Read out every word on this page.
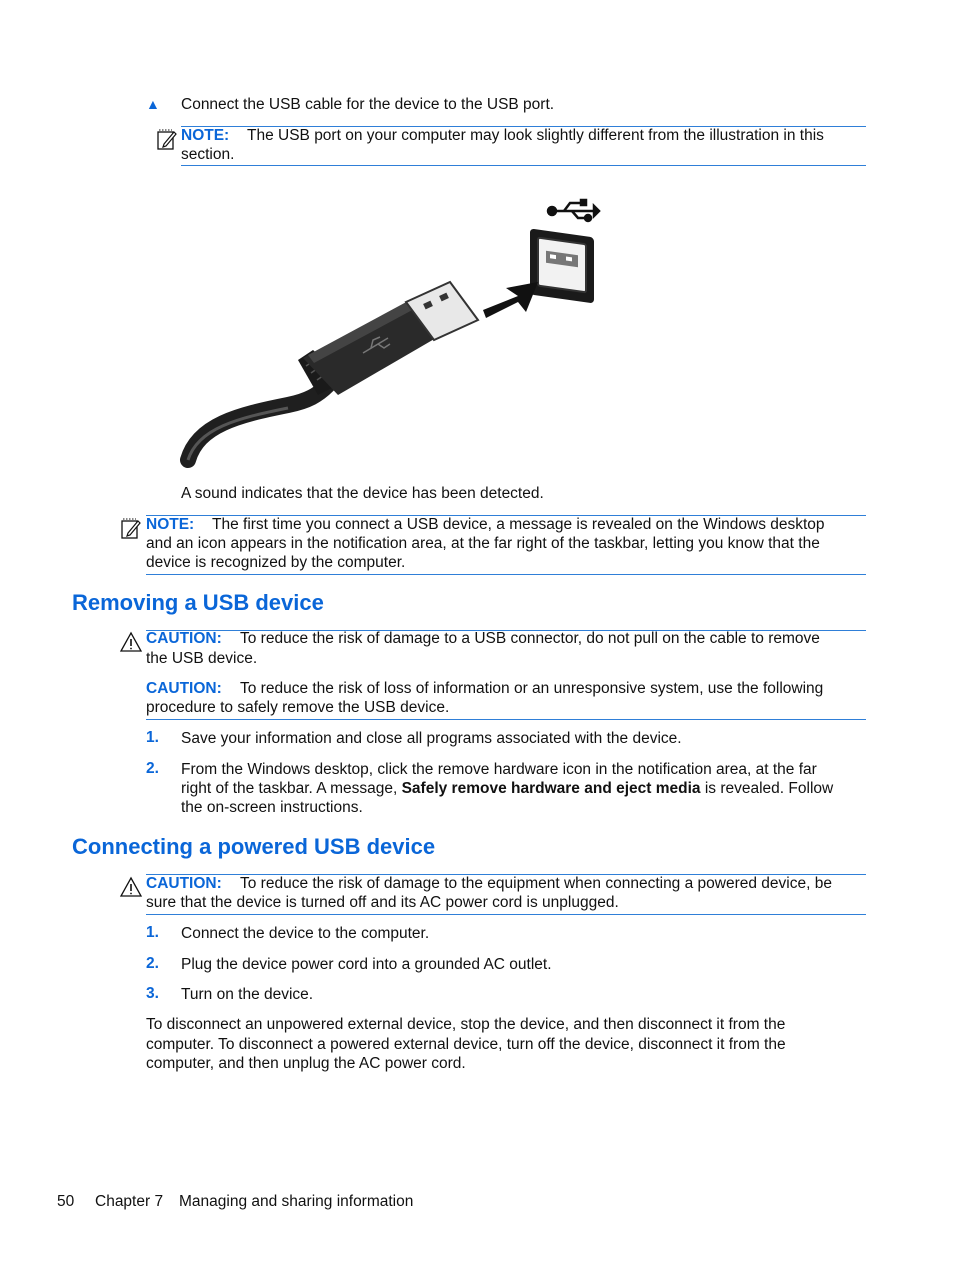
▲ Connect the USB cable for the device to the USB port.
NOTE: The USB port on your computer may look slightly different from the illustration in this
section.
A sound indicates that the device has been detected.
NOTE: The first time you connect a USB device, a message is revealed on the Windows desktop
and an icon appears in the notification area, at the far right of the taskbar, letting you know that the
device is recognized by the computer.
Removing a USB device
CAUTION: To reduce the risk of damage to a USB connector, do not pull on the cable to remove
the USB device.
CAUTION: To reduce the risk of loss of information or an unresponsive system, use the following
procedure to safely remove the USB device.
1. Save your information and close all programs associated with the device.
2. From the Windows desktop, click the remove hardware icon in the notification area, at the far
right of the taskbar. A message, Safely remove hardware and eject media is revealed. Follow
the on-screen instructions.
Connecting a powered USB device
CAUTION: To reduce the risk of damage to the equipment when connecting a powered device, be
sure that the device is turned off and its AC power cord is unplugged.
1. Connect the device to the computer.
2. Plug the device power cord into a grounded AC outlet.
3. Turn on the device.
To disconnect an unpowered external device, stop the device, and then disconnect it from the
computer. To disconnect a powered external device, turn off the device, disconnect it from the
computer, and then unplug the AC power cord.
50 Chapter 7 Managing and sharing information
